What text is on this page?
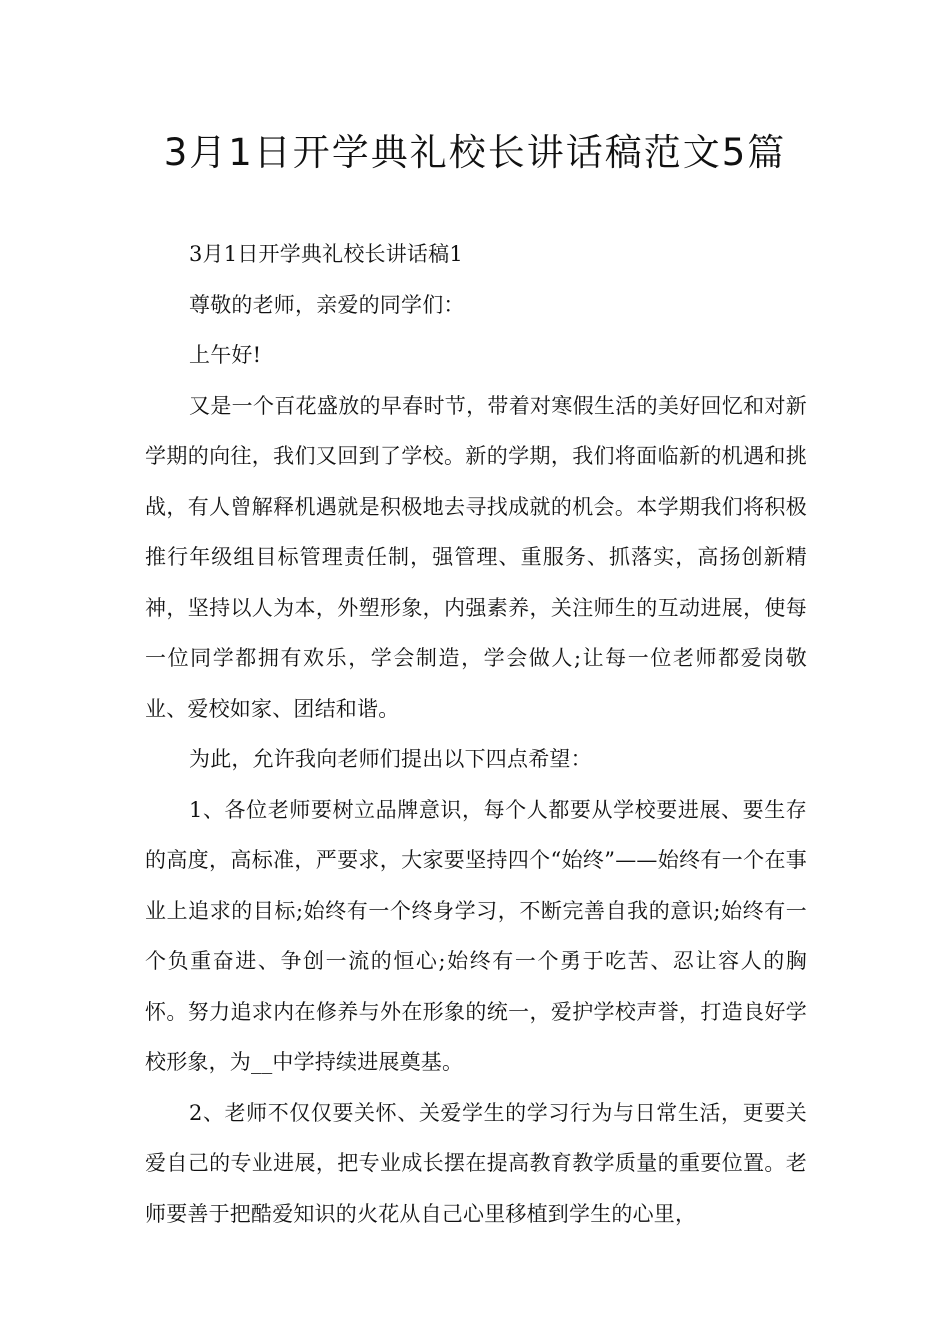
3月1日开学典礼校长讲话稿范文5篇

3月1日开学典礼校长讲话稿1

尊敬的老师，亲爱的同学们：

上午好!

又是一个百花盛放的早春时节，带着对寒假生活的美好回忆和对新学期的向往，我们又回到了学校。新的学期，我们将面临新的机遇和挑战，有人曾解释机遇就是积极地去寻找成就的机会。本学期我们将积极推行年级组目标管理责任制，强管理、重服务、抓落实，高扬创新精神，坚持以人为本，外塑形象，内强素养，关注师生的互动进展，使每一位同学都拥有欢乐，学会制造，学会做人;让每一位老师都爱岗敬业、爱校如家、团结和谐。

为此，允许我向老师们提出以下四点希望：

1、各位老师要树立品牌意识，每个人都要从学校要进展、要生存的高度，高标准，严要求，大家要坚持四个“始终”——始终有一个在事业上追求的目标;始终有一个终身学习，不断完善自我的意识;始终有一个负重奋进、争创一流的恒心;始终有一个勇于吃苦、忍让容人的胸怀。努力追求内在修养与外在形象的统一，爱护学校声誉，打造良好学校形象，为__中学持续进展奠基。

2、老师不仅仅要关怀、关爱学生的学习行为与日常生活，更要关爱自己的专业进展，把专业成长摆在提高教育教学质量的重要位置。老师要善于把酷爱知识的火花从自己心里移植到学生的心里，
